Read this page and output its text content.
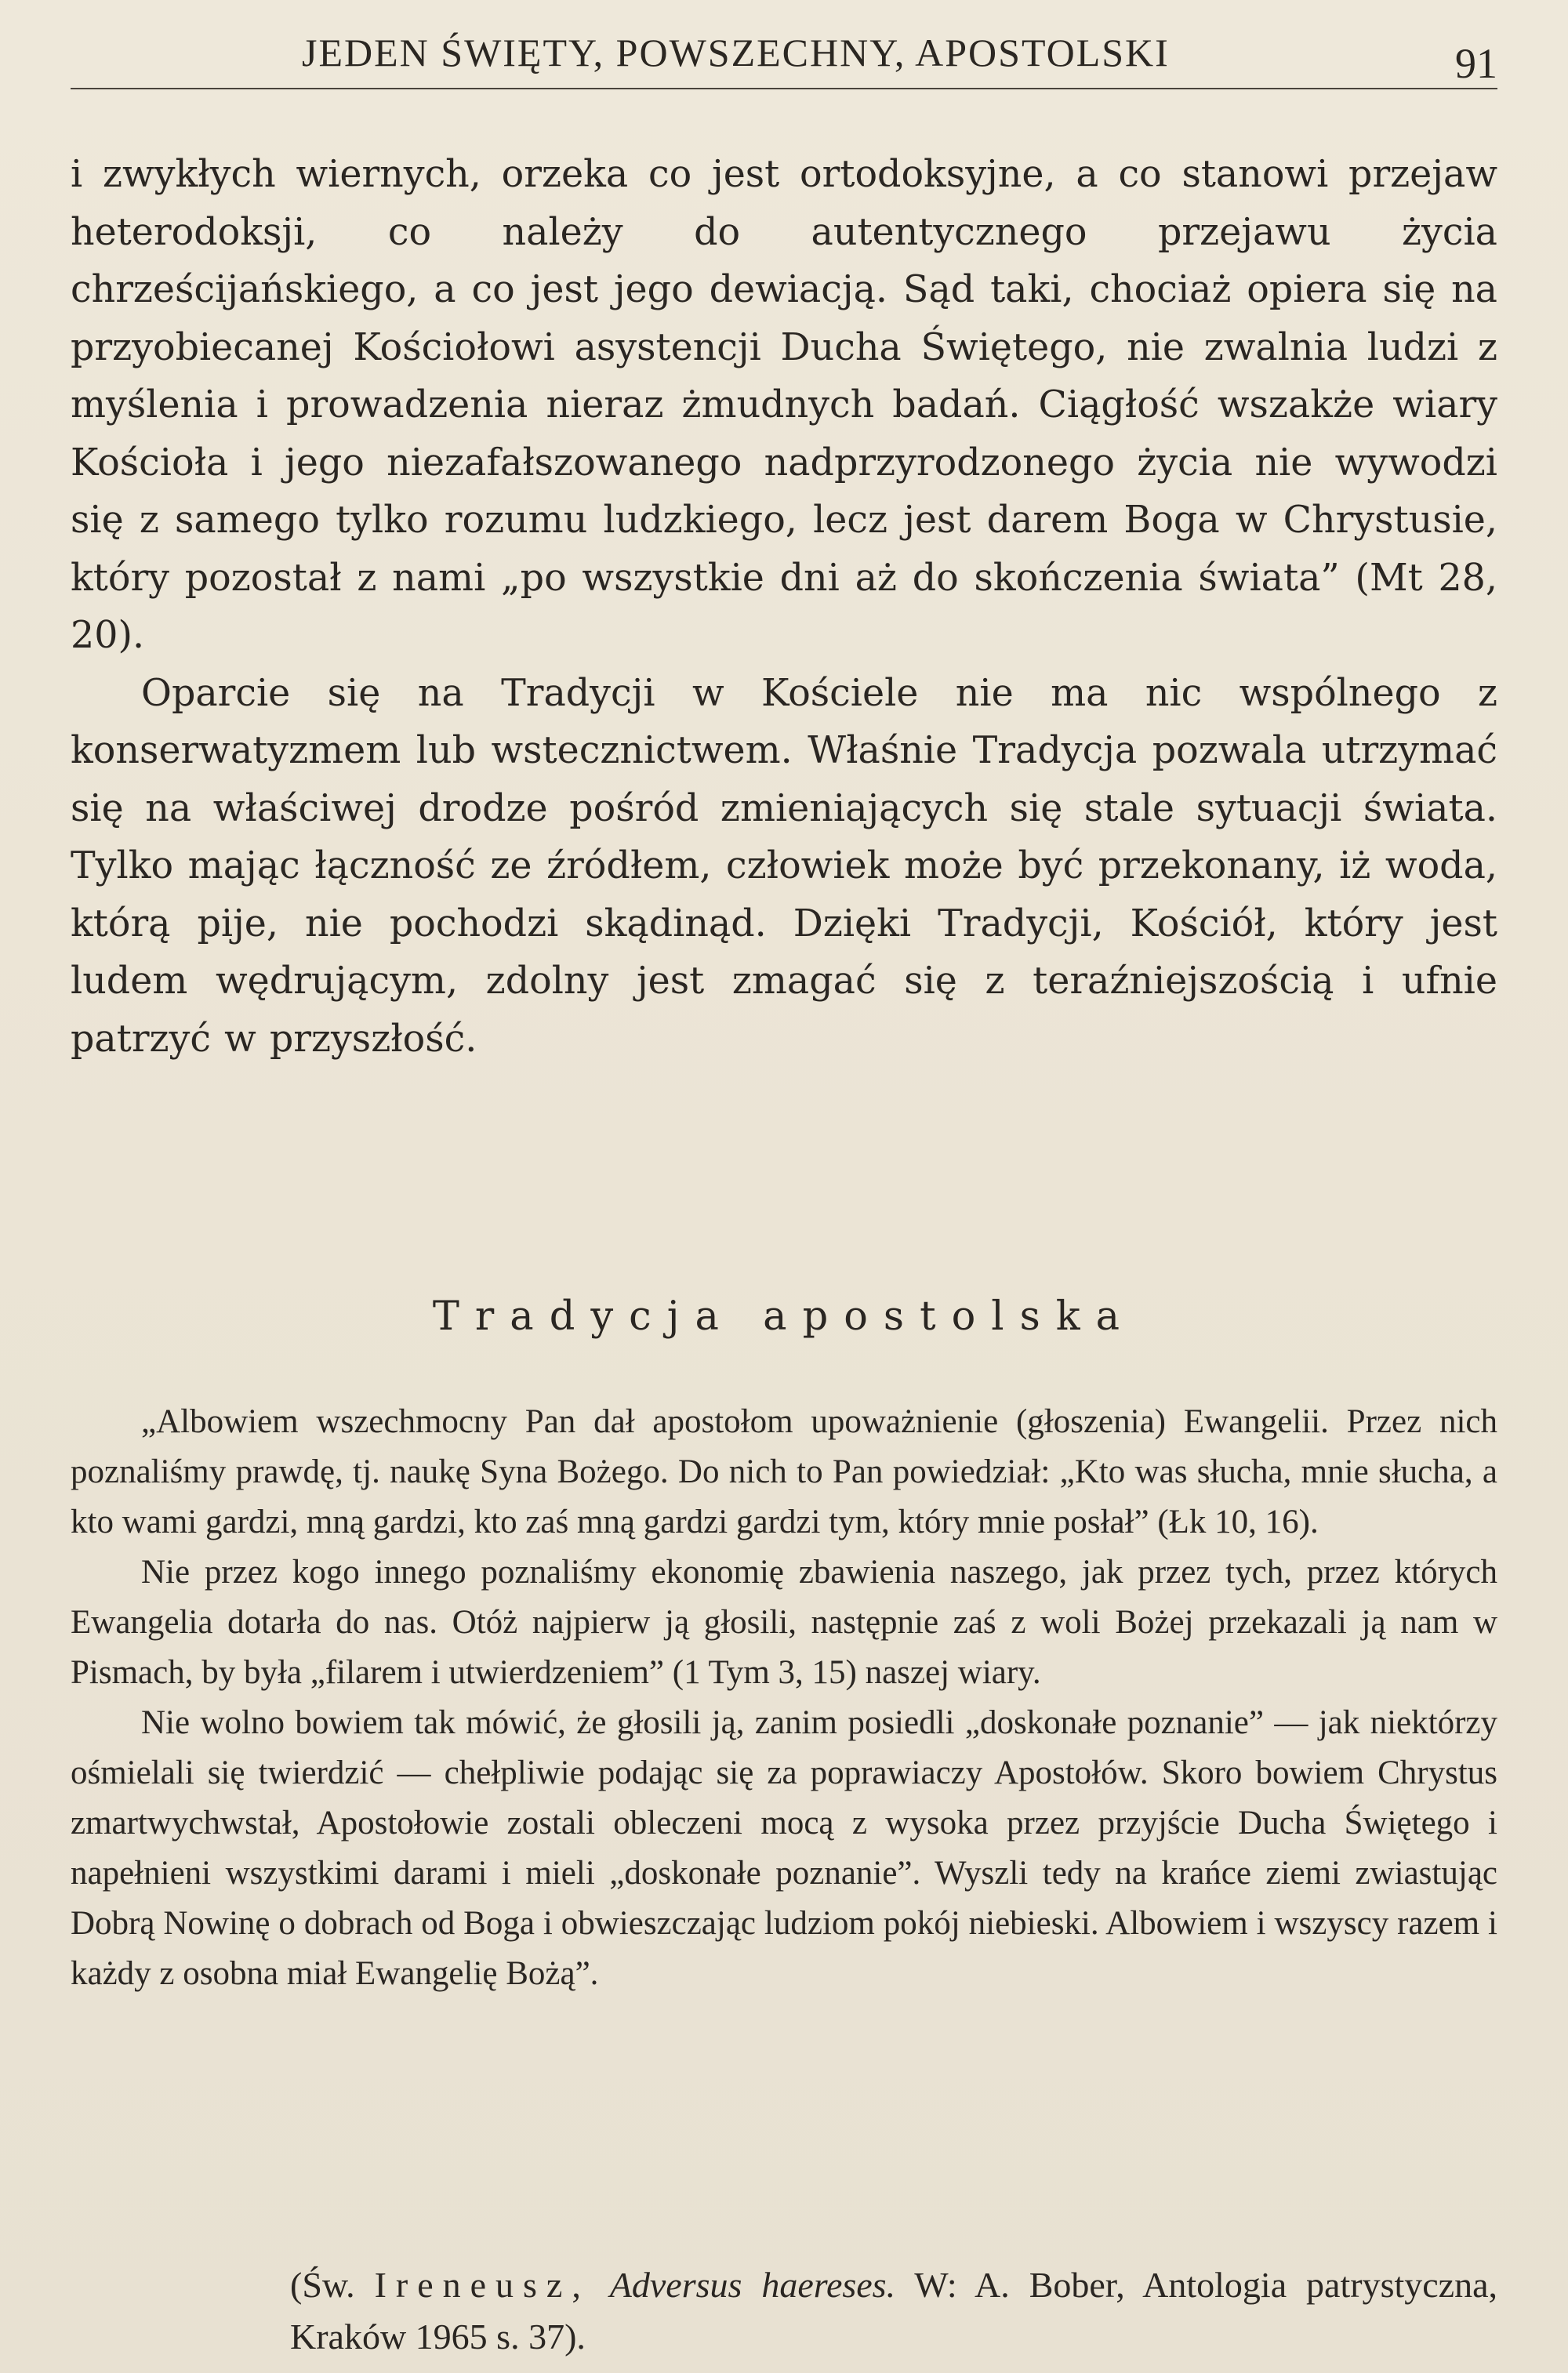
JEDEN ŚWIĘTY, POWSZECHNY, APOSTOLSKI	91

i zwykłych wiernych, orzeka co jest ortodoksyjne, a co stanowi przejaw heterodoksji, co należy do autentycznego przejawu życia chrześcijańskiego, a co jest jego dewiacją. Sąd taki, chociaż opiera się na przyobiecanej Kościołowi asystencji Ducha Świętego, nie zwalnia ludzi z myślenia i prowadzenia nieraz żmudnych badań. Ciągłość wszakże wiary Kościoła i jego niezafałszowanego nadprzyrodzonego życia nie wywodzi się z samego tylko rozumu ludzkiego, lecz jest darem Boga w Chrystusie, który pozostał z nami „po wszystkie dni aż do skończenia świata” (Mt 28, 20).

Oparcie się na Tradycji w Kościele nie ma nic wspólnego z konserwatyzmem lub wstecznictwem. Właśnie Tradycja pozwala utrzymać się na właściwej drodze pośród zmieniających się stale sytuacji świata. Tylko mając łączność ze źródłem, człowiek może być przekonany, iż woda, którą pije, nie pochodzi skądinąd. Dzięki Tradycji, Kościół, który jest ludem wędrującym, zdolny jest zmagać się z teraźniejszością i ufnie patrzyć w przyszłość.

Tradycja apostolska

„Albowiem wszechmocny Pan dał apostołom upoważnienie (głoszenia) Ewangelii. Przez nich poznaliśmy prawdę, tj. naukę Syna Bożego. Do nich to Pan powiedział: „Kto was słucha, mnie słucha, a kto wami gardzi, mną gardzi, kto zaś mną gardzi gardzi tym, który mnie posłał” (Łk 10, 16).

Nie przez kogo innego poznaliśmy ekonomię zbawienia naszego, jak przez tych, przez których Ewangelia dotarła do nas. Otóż najpierw ją głosili, następnie zaś z woli Bożej przekazali ją nam w Pismach, by była „filarem i utwierdzeniem” (1 Tym 3, 15) naszej wiary.

Nie wolno bowiem tak mówić, że głosili ją, zanim posiedli „doskonałe poznanie” — jak niektórzy ośmielali się twierdzić — chełpliwie podając się za poprawiaczy Apostołów. Skoro bowiem Chrystus zmartwychwstał, Apostołowie zostali obleczeni mocą z wysoka przez przyjście Ducha Świętego i napełnieni wszystkimi darami i mieli „doskonałe poznanie”. Wyszli tedy na krańce ziemi zwiastując Dobrą Nowinę o dobrach od Boga i obwieszczając ludziom pokój niebieski. Albowiem i wszyscy razem i każdy z osobna miał Ewangelię Bożą”.

(Św. Ireneusz, Adversus haereses. W: A. Bober, Antologia patrystyczna, Kraków 1965 s. 37).
